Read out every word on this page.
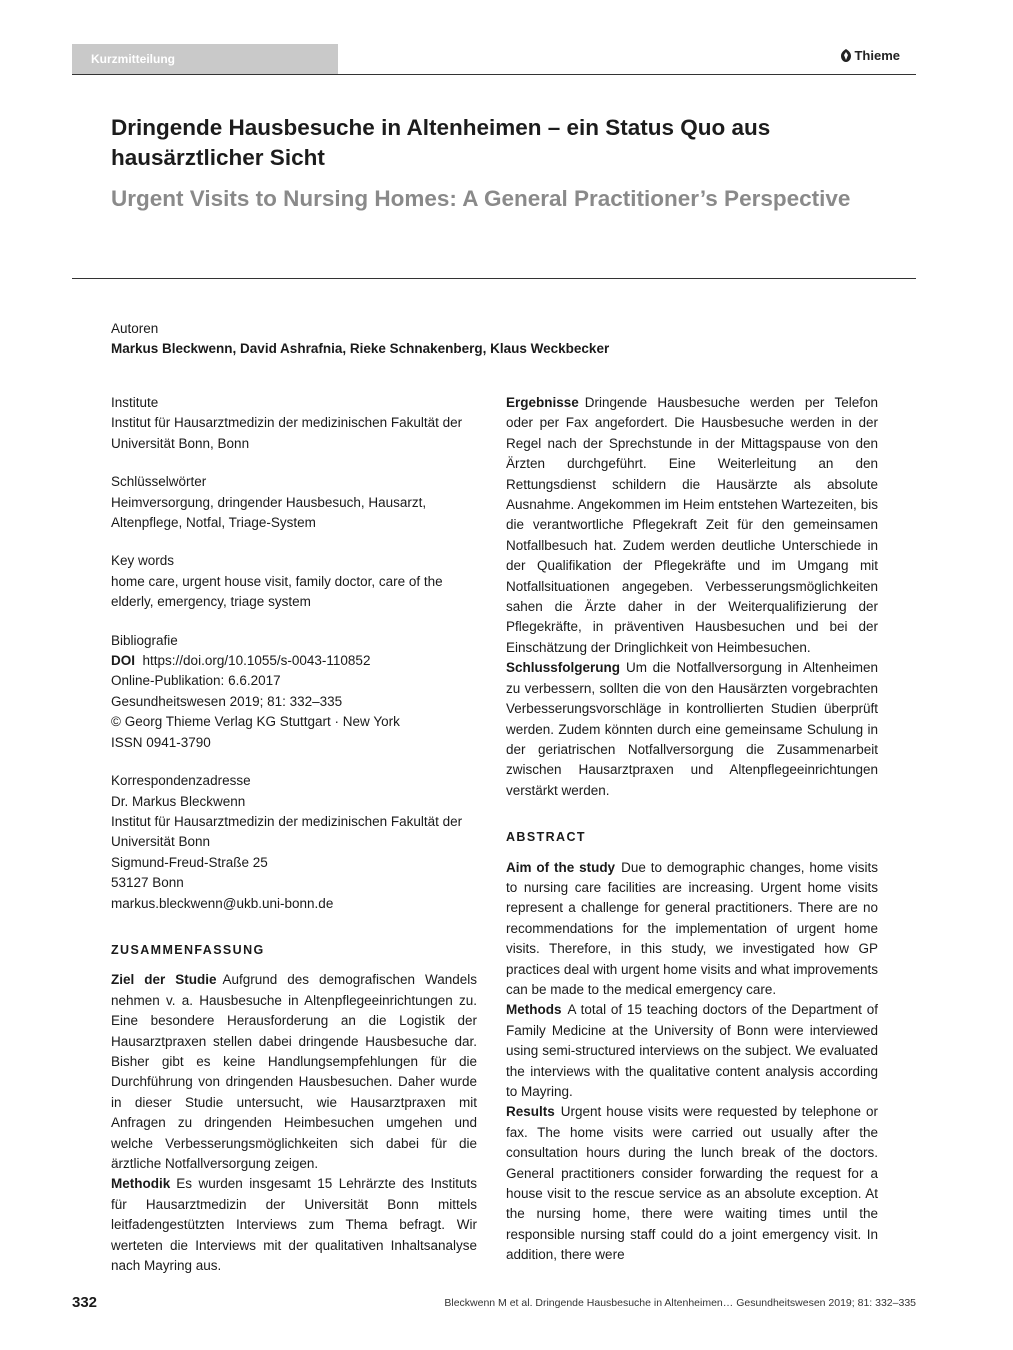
Kurzmitteilung	Thieme
Dringende Hausbesuche in Altenheimen – ein Status Quo aus hausärztlicher Sicht
Urgent Visits to Nursing Homes: A General Practitioner’s Perspective
Autoren
Markus Bleckwenn, David Ashrafnia, Rieke Schnakenberg, Klaus Weckbecker
Institute
Institut für Hausarztmedizin der medizinischen Fakultät der Universität Bonn, Bonn
Schlüsselwörter
Heimversorgung, dringender Hausbesuch, Hausarzt, Altenpflege, Notfal, Triage-System
Key words
home care, urgent house visit, family doctor, care of the elderly, emergency, triage system
Bibliografie
DOI https://doi.org/10.1055/s-0043-110852
Online-Publikation: 6.6.2017
Gesundheitswesen 2019; 81: 332–335
© Georg Thieme Verlag KG Stuttgart · New York
ISSN 0941-3790
Korrespondenzadresse
Dr. Markus Bleckwenn
Institut für Hausarztmedizin der medizinischen Fakultät der Universität Bonn
Sigmund-Freud-Straße 25
53127 Bonn
markus.bleckwenn@ukb.uni-bonn.de
ZUSAMMENFASSUNG

Ziel der Studie Aufgrund des demografischen Wandels nehmen v. a. Hausbesuche in Altenpflegeeinrichtungen zu. Eine besondere Herausforderung an die Logistik der Hausarztpraxen stellen dabei dringende Hausbesuche dar. Bisher gibt es keine Handlungsempfehlungen für die Durchführung von dringenden Hausbesuchen. Daher wurde in dieser Studie untersucht, wie Hausarztpraxen mit Anfragen zu dringenden Heimbesuchen umgehen und welche Verbesserungsmöglichkeiten sich dabei für die ärztliche Notfallversorgung zeigen.

Methodik Es wurden insgesamt 15 Lehrärzte des Instituts für Hausarztmedizin der Universität Bonn mittels leitfadengestützten Interviews zum Thema befragt. Wir werteten die Interviews mit der qualitativen Inhaltsanalyse nach Mayring aus.

Ergebnisse Dringende Hausbesuche werden per Telefon oder per Fax angefordert. Die Hausbesuche werden in der Regel nach der Sprechstunde in der Mittagspause von den Ärzten durchgeführt. Eine Weiterleitung an den Rettungsdienst schildern die Hausärzte als absolute Ausnahme. Angekommen im Heim entstehen Wartezeiten, bis die verantwortliche Pflegekraft Zeit für den gemeinsamen Notfallbesuch hat. Zudem werden deutliche Unterschiede in der Qualifikation der Pflegekräfte und im Umgang mit Notfallsituationen angegeben. Verbesserungsmöglichkeiten sahen die Ärzte daher in der Weiterqualifizierung der Pflegekräfte, in präventiven Hausbesuchen und bei der Einschätzung der Dringlichkeit von Heimbesuchen.

Schlussfolgerung Um die Notfallversorgung in Altenheimen zu verbessern, sollten die von den Hausärzten vorgebrachten Verbesserungsvorschläge in kontrollierten Studien überprüft werden. Zudem könnten durch eine gemeinsame Schulung in der geriatrischen Notfallversorgung die Zusammenarbeit zwischen Hausarztpraxen und Altenpflegeeinrichtungen verstärkt werden.

ABSTRACT

Aim of the study Due to demographic changes, home visits to nursing care facilities are increasing. Urgent home visits represent a challenge for general practitioners. There are no recommendations for the implementation of urgent home visits. Therefore, in this study, we investigated how GP practices deal with urgent home visits and what improvements can be made to the medical emergency care.

Methods A total of 15 teaching doctors of the Department of Family Medicine at the University of Bonn were interviewed using semi-structured interviews on the subject. We evaluated the interviews with the qualitative content analysis according to Mayring.

Results Urgent house visits were requested by telephone or fax. The home visits were carried out usually after the consultation hours during the lunch break of the doctors. General practitioners consider forwarding the request for a house visit to the rescue service as an absolute exception. At the nursing home, there were waiting times until the responsible nursing staff could do a joint emergency visit. In addition, there were

332	Bleckwenn M et al. Dringende Hausbesuche in Altenheimen… Gesundheitswesen 2019; 81: 332–335
